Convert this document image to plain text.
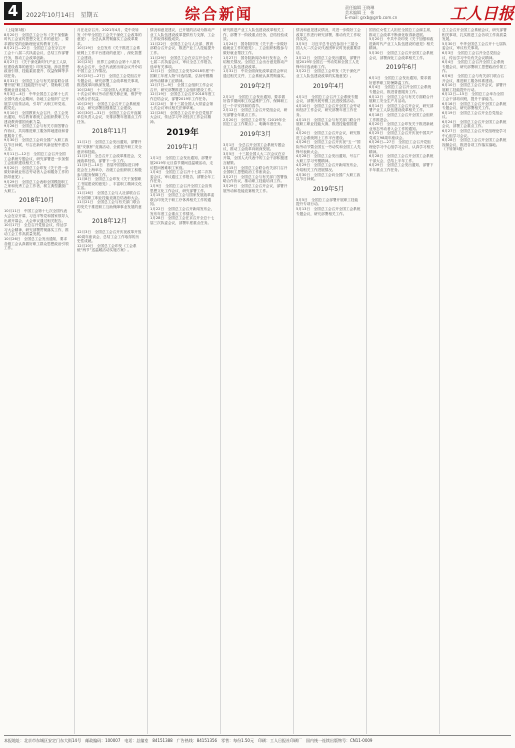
4	2022年10月14日　星期五	综合新闻	责任编辑 王晓琳
美术编辑 王　伟
E-mail: grxb@grrb.com.cn	工人日报

（上接第3版）

8月20日　全国总工会公布《关于加强新时代工会宣传思想文化工作的意见》，要求做好党的创新理论宣传教育工作。

8月21日—22日　全国总工会在京召开工会十八届二次执委会议，总结工作部署任务，推动工会改革创新。

8月27日　《关于深化新时代产业工人队伍建设改革的意见》印发实施，涉及思想政治引领、技能素质提升、权益保障等多项任务。

8月31日　全国总工会与有关部委联合部署开展“职工技能提升行动”，帮助职工增强就业创业能力。

9月3日—4日　中华全国总工会第十七次全国代表大会期间，各地工会组织广泛开展学习宣传活动，引导广大职工听党话、跟党走。

9月10日　全国教育大会召开，总工会发出通知，号召教育系统工会组织教职工为建设教育强国贡献力量。

9月26日　全国总工会与有关方面签署合作协议，共同推进职工服务阵地建设和普惠服务工作。

9月30日　全国总工会向全国广大职工致以节日问候，号召在新时代新征程中建功立业。

9月11日—12日　全国总工会召开全国工会系统专题会议，研究部署进一步加强工会组织建设相关工作。

9月20日　全国总工会印发《关于进一步做好新就业形态劳动者入会和服务工作的指导意见》。

9月29日　全国总工会表彰全国模范职工之家和优秀工会工作者，树立典型激励广大职工。

2018年10月

10月11日　中国工会第十七次全国代表大会在京开幕，习近平等党和国家领导人出席开幕会，大会审议通过相关报告。

10月17日　全总召开党组会议，传达学习大会精神，研究部署贯彻落实工作，推动工会工作高质量发展。

10月26日　全国总工会发出通知，要求各级工会认真做好职工群众思想政治引领工作。

月在北京召开。2021年4月，党中央转发《中华全国总工会关于深化工会改革的意见》，全总认真贯彻落实工会改革要求。

10月19日　全总发布《关于推进工会系统网上工作平台建设的意见》，深化智慧工会建设。

10月23日　世界工会联合会第十八届代表大会召开，全总代表团出席会议并介绍中国工会工作情况。

10月25日—27日　全国总工会党组召开专题会议，研究部署工会改革相关事项，推进改革向纵深发展。

10月28日　十二届全国人大常委会第三十次会议审议劳动法相关修正案，维护劳动者合法权益。

10月29日　全国总工会召开工会系统座谈会，研究部署加强基层工会建设。

10月30日—31日　全国总工会召开直属单位负责人会议，安排部署年度重点工作任务。

2018年11月

11月1日　全国总工会发出通知，部署开展“安康杯”竞赛活动，全面提升职工安全意识和技能。

11月3日　全总召开工会改革推进会，交流改革经验，部署下一步工作。

11月5日—10日　首届中国国际进口博览会在上海举办，各级工会组织职工积极参与服务保障工作。

11月8日　全国总工会印发《关于加强职工书屋建设的意见》，丰富职工精神文化生活。

11月16日　全国总工会与人社部联合召开全国职工职业技能竞赛总结表彰大会。

11月21日　全国总工会与有关部门联合印发关于推进职工互助保障事业发展的意见。

2018年12月

12月3日　全国总工会召开庆祝改革开放40周年座谈会，总结工会工作取得的历史性成就。

12月10日　全国总工会印发《工会系统“两节”送温暖活动实施方案》。

情况和意见建议，已开展的活动为推动产业工人队伍建设改革提供有力支撑，工会工作取得积极成效。

11月22日　全国总工会与人社部、教育部联合召开会议，推进产业工人技能提升工作。

11月29日　全国总工会在京召开全总十七届二次执委会议，审议全总工作报告，选举有关事项。

12月1日　全国总工会发布2018年度“中国职工年度人物”评选结果，弘扬劳模精神劳动精神工匠精神。

12月7日—9日　全国工会组织工作会议召开，研究部署推进工会组织建设工作。

12月19日　全国总工会召开2018年度工作总结会议，部署2019年工作任务。

12月24日　第十三届全国人大常委会第七次会议审议相关法律草案。

12月28日　全国总工会召开全总党组扩大会议，传达学习中央经济工作会议精神。

2019年
2019年1月

1月1日　全国总工会发出通知，部署开展2019年元旦春节期间送温暖活动，走访慰问困难职工家庭。

1月4日　全国总工会召开十七届二次执委会议，审议通过工作报告，部署全年工作任务。

1月9日　全国总工会召开全国工会宣传思想文化工作会议，研究部署工作。

1月15日　全国总工会与国家发展改革委联合印发关于职工疗休养相关工作的通知。

1月22日　全国总工会召开新闻发布会，发布年度工会重点工作情况。

1月28日　全国总工会在京召开全总十七届三次执委会议，部署年度重点任务。

研究推进产业工人队伍建设改革相关工作，部署下一阶段重点任务，总结经验成效。

1月24日　国务院印发《关于进一步做好稳就业工作的意见》，工会组织积极参与做好就业帮扶工作。

1月27日　国务院新闻办举行发布会，介绍相关情况。全国总工会出台意见推动产业工人队伍建设改革。

1月31日　中央全面深化改革委员会审议通过相关文件，工会系统认真贯彻落实。

2019年2月

2月1日　全国总工会发出通知，要求做好春节期间职工权益维护工作，保障职工过一个平安祥和的春节。

2月12日　全国总工会召开党组会议，研究部署全年重点工作。

2月20日　全国总工会印发《2019年全国总工会工作要点》，明确年度任务。

2019年3月

3月1日　全总召开全国工会系统专题会议，推动工会改革向纵深发展。

3月5日　十三届全国人大二次会议在京开幕，全国人大代表中的工会干部积极建言献策。

3月15日　全国总工会联合有关部门召开全国职工思想政治工作座谈会。

3月27日　全国总工会与有关部门签署战略合作协议，推动职工技能培训工作。

3月29日　全国总工会召开会议，部署开展劳动和技能竞赛相关工作。

情况和意见建议情况，对进一步做好工会改革工作进行研究部署，推动有关工作取得实效。

3月5日　习近平总书记在参加十三届全国人大二次会议代表团审议时发表重要讲话。

3月12日　全国总工会发出通知，部署开展2019年全国五一劳动奖和全国工人先锋号评选表彰工作。

3月22日　全国总工会印发《关于深化产业工人队伍建设改革的实施意见》。

2019年4月

4月1日　全国总工会召开工会系统专题会议，部署开展劳模工匠进校园活动。

4月10日　全国总工会召开全国工会劳动和经济工作会议，研究部署年度工作任务。

4月15日　全国总工会与有关部门联合开展职工职业技能大赛，推进技能强国建设。

4月20日　全国总工会召开会议，研究推进工会系统网上工作平台建设。

4月26日　全国总工会召开庆祝“五一”国际劳动节暨全国五一劳动奖和全国工人先锋号表彰大会。

4月28日　全国总工会发出通知，号召广大职工学习劳模精神。

4月29日　全国总工会召开新闻发布会，介绍相关工作进展情况。

4月30日　全国总工会向全国广大职工致以节日问候。

2019年5月

5月5日　全国总工会部署开展职工技能提升专项行动。

5月13日　全国总工会召开全国工会系统专题会议，研究部署相关工作。

国首位女性工人担任全国总工会副主席，推动工会改革不断深化取得新进展。

5月20日　中共中央印发《关于加强和改进新时代产业工人队伍建设的意见》相关精神。

5月30日　全国总工会召开全国工会系统会议，部署深化工会改革相关工作。

2019年6月

6月1日　全国总工会发出通知，要求做好夏季职工防暑降温工作。

6月4日　全国总工会召开全国工会系统专题会议，推进普惠服务工作。

6月12日　全国总工会与有关方面联合开展职工安全生产月活动。

6月14日　全国总工会召开会议，研究部署产业工人队伍建设改革相关工作。

6月18日　全国总工会召开全国工会组织工作推进会。

6月20日　全国总工会印发关于推进新就业形态劳动者入会工作的通知。

6月25日　全国总工会召开庆祝中国共产党成立98周年座谈会。

6月26日—27日　全国总工会召开党组理论学习中心组学习会议，认真学习相关精神。

6月28日　全国总工会召开全国工会系统干部大会，总结上半年工作。

6月29日　全国总工会发出通知，部署下半年重点工作任务。

总工会召开全国工会系统会议，研究部署相关事项，扎实推进工会各项工作高质量发展。

5月30日　中华全国总工会召开十七届执委会议，审议有关事项。

6月3日　全国总工会召开全总党组会议，传达学习中央有关会议精神。

6月4日　全国总工会召开全国工会系统专题会议，研究部署职工思想政治引领工作。

6月6日　全国总工会与有关部门联合召开会议，推进职工服务体系建设。

6月10日　全国总工会召开会议，部署开展职工技能提升行动。

6月12日—15日　全国总工会举办全国工会干部培训班，提升干部能力。

6月16日　全国总工会召开全国工会系统专题会议，研究部署相关工作。

6月19日　全国总工会召开全总党组会议。

6月24日　全国总工会召开全国工会系统会议，部署工会重点工作。

6月27日　全国总工会召开党组理论学习中心组学习会议。

6月28日　全国总工会召开全国工会系统视频会议，推进各项工作落实落地。

（下转第5版）

本报地址：北京市东城区安定门东大街14号　邮政编码：100007　电话：总编室　84151388　广告热线：84151356　零售：每份1.50元　印刷：工人日报社印刷厂　国内统一连续出版物号：CN11-0009
